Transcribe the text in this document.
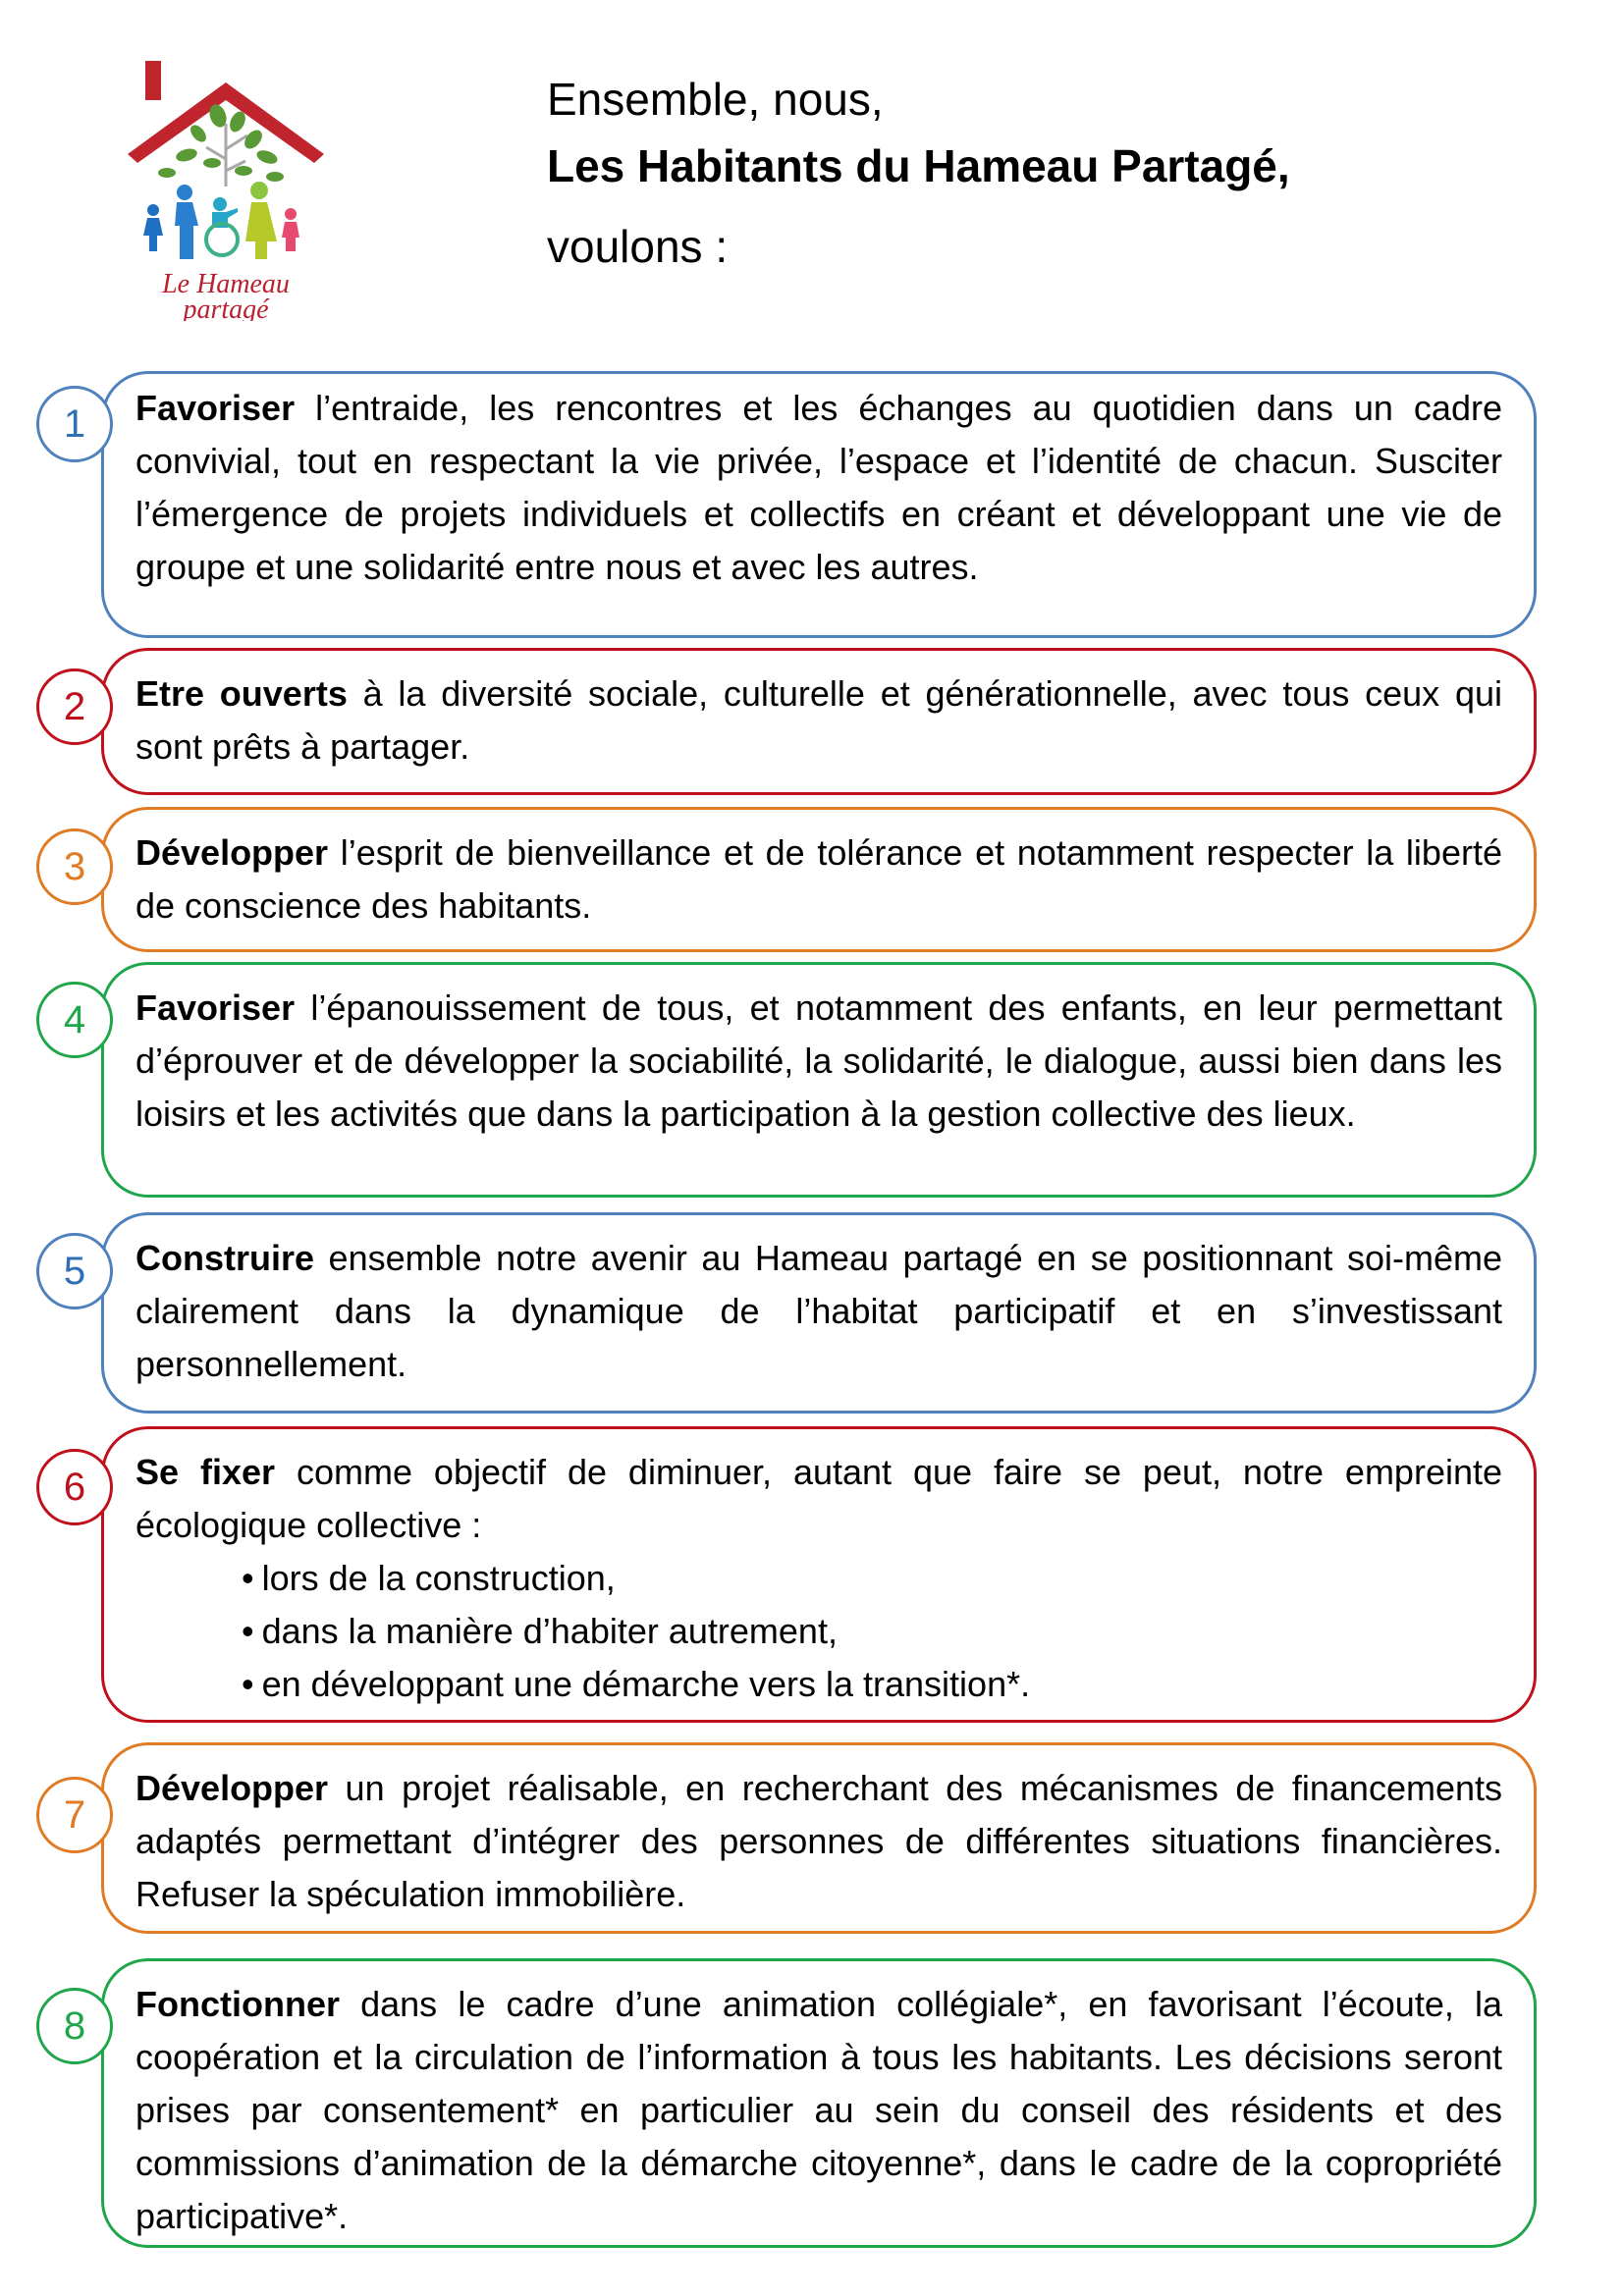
Le Hameau
partagé
Ensemble, nous,
Les Habitants du Hameau Partagé,
voulons :
Favoriser l’entraide, les rencontres et les échanges au quotidien dans un cadre convivial, tout en respectant la vie privée, l’espace et l’identité de chacun. Susciter l’émergence de projets individuels et collectifs en créant et développant une vie de groupe et une solidarité entre nous et avec les autres.
1
Etre ouverts à la diversité sociale, culturelle et générationnelle, avec tous ceux qui sont prêts à partager.
2
Développer l’esprit de bienveillance et de tolérance et notamment respecter la liberté de conscience des habitants.
3
Favoriser l’épanouissement de tous, et notamment des enfants, en leur permettant d’éprouver et de développer la sociabilité, la solidarité, le dialogue, aussi bien dans les loisirs et les activités que dans la participation à la gestion collective des lieux.
4
Construire ensemble notre avenir au Hameau partagé en se positionnant soi-même clairement dans la dynamique de l’habitat participatif et en s’investissant personnellement.
5
Se fixer comme objectif de diminuer, autant que faire se peut, notre empreinte écologique collective :
• lors de la construction,
• dans la manière d’habiter autrement,
• en développant une démarche vers la transition*.
6
Développer un projet réalisable, en recherchant des mécanismes de financements adaptés permettant d’intégrer des personnes de différentes situations financières. Refuser la spéculation immobilière.
7
Fonctionner dans le cadre d’une animation collégiale*, en favorisant l’écoute, la coopération et la circulation de l’information à tous les habitants. Les décisions seront prises par consentement* en particulier au sein du conseil des résidents et des commissions d’animation de la démarche citoyenne*, dans le cadre de la copropriété participative*.
8
